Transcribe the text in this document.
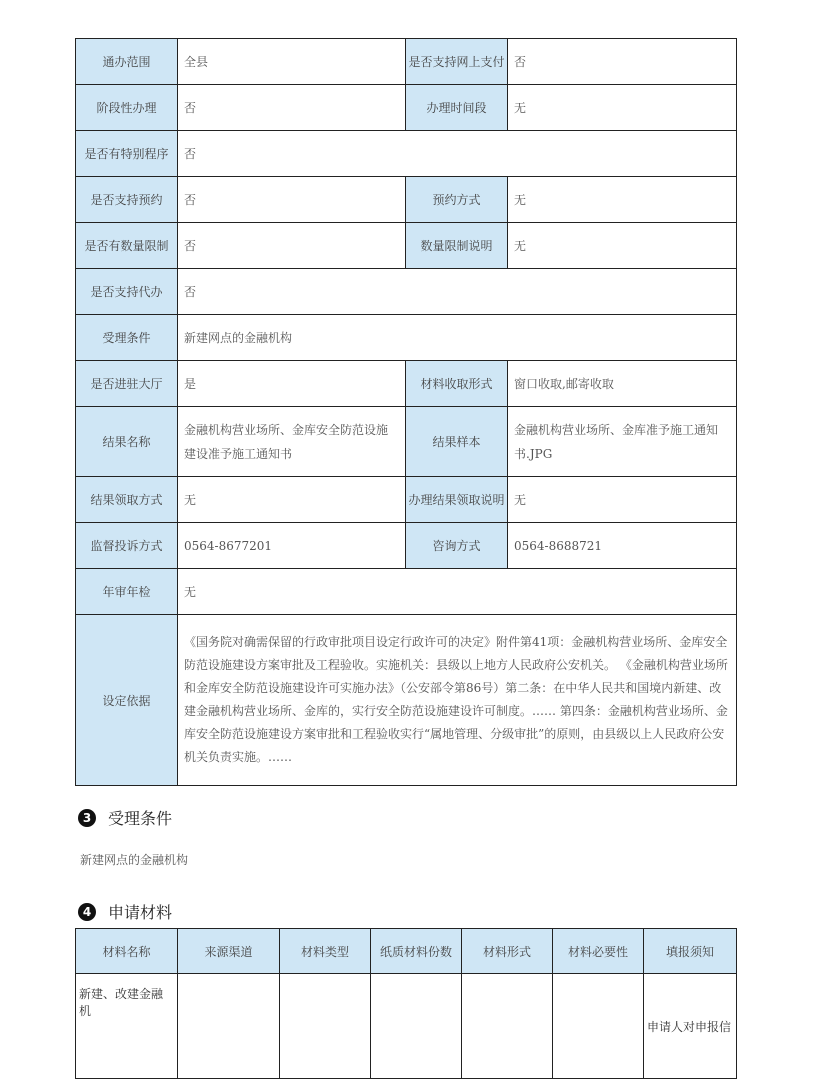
通办范围	全县	是否支持网上支付	否
阶段性办理	否	办理时间段	无
是否有特别程序	否		
是否支持预约	否	预约方式	无
是否有数量限制	否	数量限制说明	无
是否支持代办	否		
受理条件	新建网点的金融机构		
是否进驻大厅	是	材料收取形式	窗口收取,邮寄收取
结果名称	金融机构营业场所、金库安全防范设施建设准予施工通知书	结果样本	金融机构营业场所、金库准予施工通知书.JPG
结果领取方式	无	办理结果领取说明	无
监督投诉方式	0564-8677201	咨询方式	0564-8688721
年审年检	无		
设定依据	《国务院对确需保留的行政审批项目设定行政许可的决定》附件第41项：金融机构营业场所、金库安全防范设施建设方案审批及工程验收。实施机关：县级以上地方人民政府公安机关。 《金融机构营业场所和金库安全防范设施建设许可实施办法》（公安部令第86号）第二条：在中华人民共和国境内新建、改建金融机构营业场所、金库的，实行安全防范设施建设许可制度。…… 第四条：金融机构营业场所、金库安全防范设施建设方案审批和工程验收实行“属地管理、分级审批”的原则，由县级以上人民政府公安机关负责实施。……		
3	受理条件
新建网点的金融机构
4	申请材料
材料名称	来源渠道	材料类型	纸质材料份数	材料形式	材料必要性	填报须知
新建、改建金融机						申请人对申报信
